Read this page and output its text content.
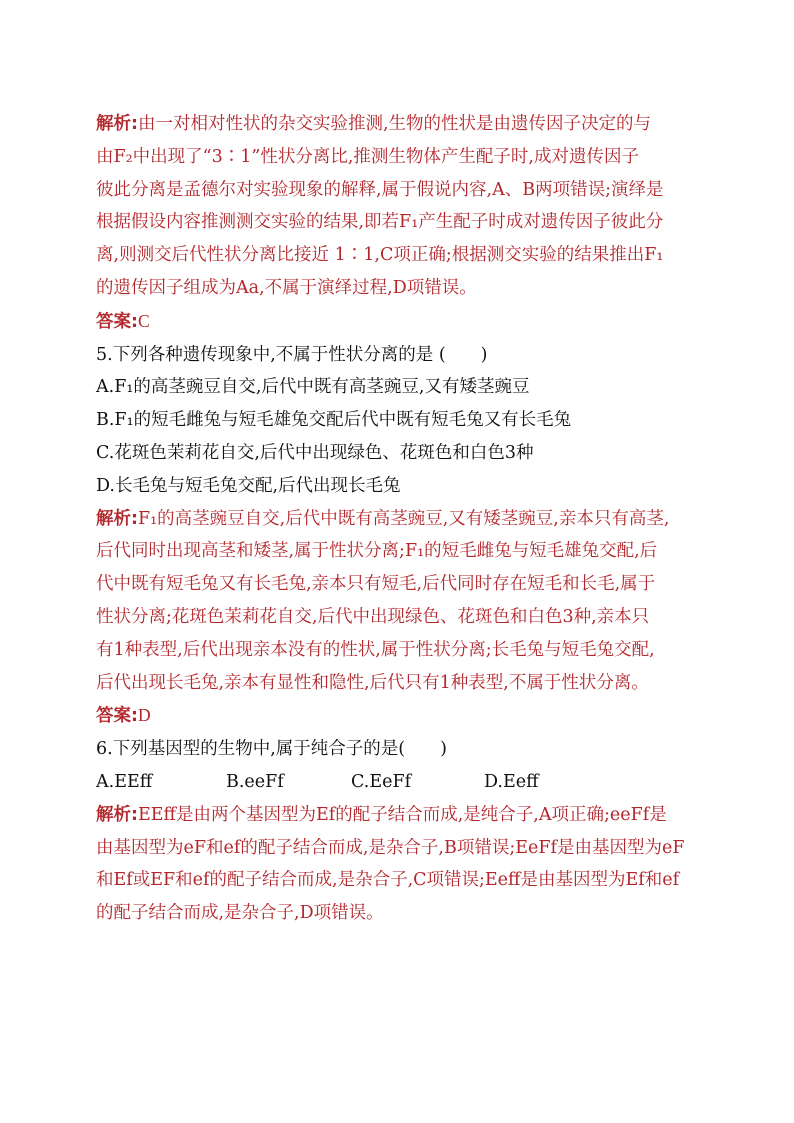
解析:由一对相对性状的杂交实验推测,生物的性状是由遗传因子决定的与
由F₂中出现了“3∶1”性状分离比,推测生物体产生配子时,成对遗传因子
彼此分离是孟德尔对实验现象的解释,属于假说内容,A、B两项错误;演绎是
根据假设内容推测测交实验的结果,即若F₁产生配子时成对遗传因子彼此分
离,则测交后代性状分离比接近 1∶1,C项正确;根据测交实验的结果推出F₁
的遗传因子组成为Aa,不属于演绎过程,D项错误。
答案:C
5.下列各种遗传现象中,不属于性状分离的是 (　　)
A.F₁的高茎豌豆自交,后代中既有高茎豌豆,又有矮茎豌豆
B.F₁的短毛雌兔与短毛雄兔交配后代中既有短毛兔又有长毛兔
C.花斑色茉莉花自交,后代中出现绿色、花斑色和白色3种
D.长毛兔与短毛兔交配,后代出现长毛兔
解析:F₁的高茎豌豆自交,后代中既有高茎豌豆,又有矮茎豌豆,亲本只有高茎,
后代同时出现高茎和矮茎,属于性状分离;F₁的短毛雌兔与短毛雄兔交配,后
代中既有短毛兔又有长毛兔,亲本只有短毛,后代同时存在短毛和长毛,属于
性状分离;花斑色茉莉花自交,后代中出现绿色、花斑色和白色3种,亲本只
有1种表型,后代出现亲本没有的性状,属于性状分离;长毛兔与短毛兔交配,
后代出现长毛兔,亲本有显性和隐性,后代只有1种表型,不属于性状分离。
答案:D
6.下列基因型的生物中,属于纯合子的是(　　)
A.EEff	B.eeFf	C.EeFf	D.Eeff
解析:EEff是由两个基因型为Ef的配子结合而成,是纯合子,A项正确;eeFf是
由基因型为eF和ef的配子结合而成,是杂合子,B项错误;EeFf是由基因型为eF
和Ef或EF和ef的配子结合而成,是杂合子,C项错误;Eeff是由基因型为Ef和ef
的配子结合而成,是杂合子,D项错误。
